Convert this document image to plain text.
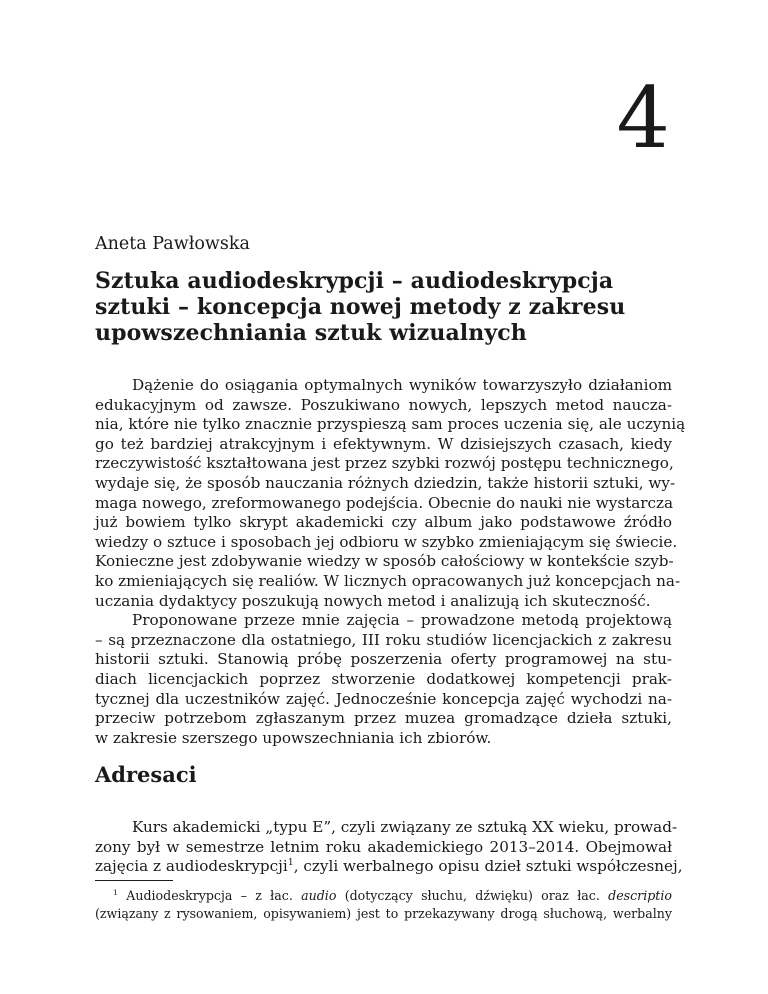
4
Aneta Pawłowska
Sztuka audiodeskrypcji – audiodeskrypcja
sztuki – koncepcja nowej metody z zakresu
upowszechniania sztuk wizualnych
Dążenie do osiągania optymalnych wyników towarzyszyło działaniom
edukacyjnym od zawsze. Poszukiwano nowych, lepszych metod naucza-
nia, które nie tylko znacznie przyspieszą sam proces uczenia się, ale uczynią
go też bardziej atrakcyjnym i efektywnym. W dzisiejszych czasach, kiedy
rzeczywistość kształtowana jest przez szybki rozwój postępu technicznego,
wydaje się, że sposób nauczania różnych dziedzin, także historii sztuki, wy-
maga nowego, zreformowanego podejścia. Obecnie do nauki nie wystarcza
już bowiem tylko skrypt akademicki czy album jako podstawowe źródło
wiedzy o sztuce i sposobach jej odbioru w szybko zmieniającym się świecie.
Konieczne jest zdobywanie wiedzy w sposób całościowy w kontekście szyb-
ko zmieniających się realiów. W licznych opracowanych już koncepcjach na-
uczania dydaktycy poszukują nowych metod i analizują ich skuteczność.
Proponowane przeze mnie zajęcia – prowadzone metodą projektową
– są przeznaczone dla ostatniego, III roku studiów licencjackich z zakresu
historii sztuki. Stanowią próbę poszerzenia oferty programowej na stu-
diach licencjackich poprzez stworzenie dodatkowej kompetencji prak-
tycznej dla uczestników zajęć. Jednocześnie koncepcja zajęć wychodzi na-
przeciw potrzebom zgłaszanym przez muzea gromadzące dzieła sztuki,
w zakresie szerszego upowszechniania ich zbiorów.
Adresaci
Kurs akademicki „typu E”, czyli związany ze sztuką XX wieku, prowad-
zony był w semestrze letnim roku akademickiego 2013–2014. Obejmował
zajęcia z audiodeskrypcji$^1$, czyli werbalnego opisu dzieł sztuki współczesnej,
$^1$ Audiodeskrypcja – z łac. audio (dotyczący słuchu, dźwięku) oraz łac. descriptio
(związany z rysowaniem, opisywaniem) jest to przekazywany drogą słuchową, werbalny
